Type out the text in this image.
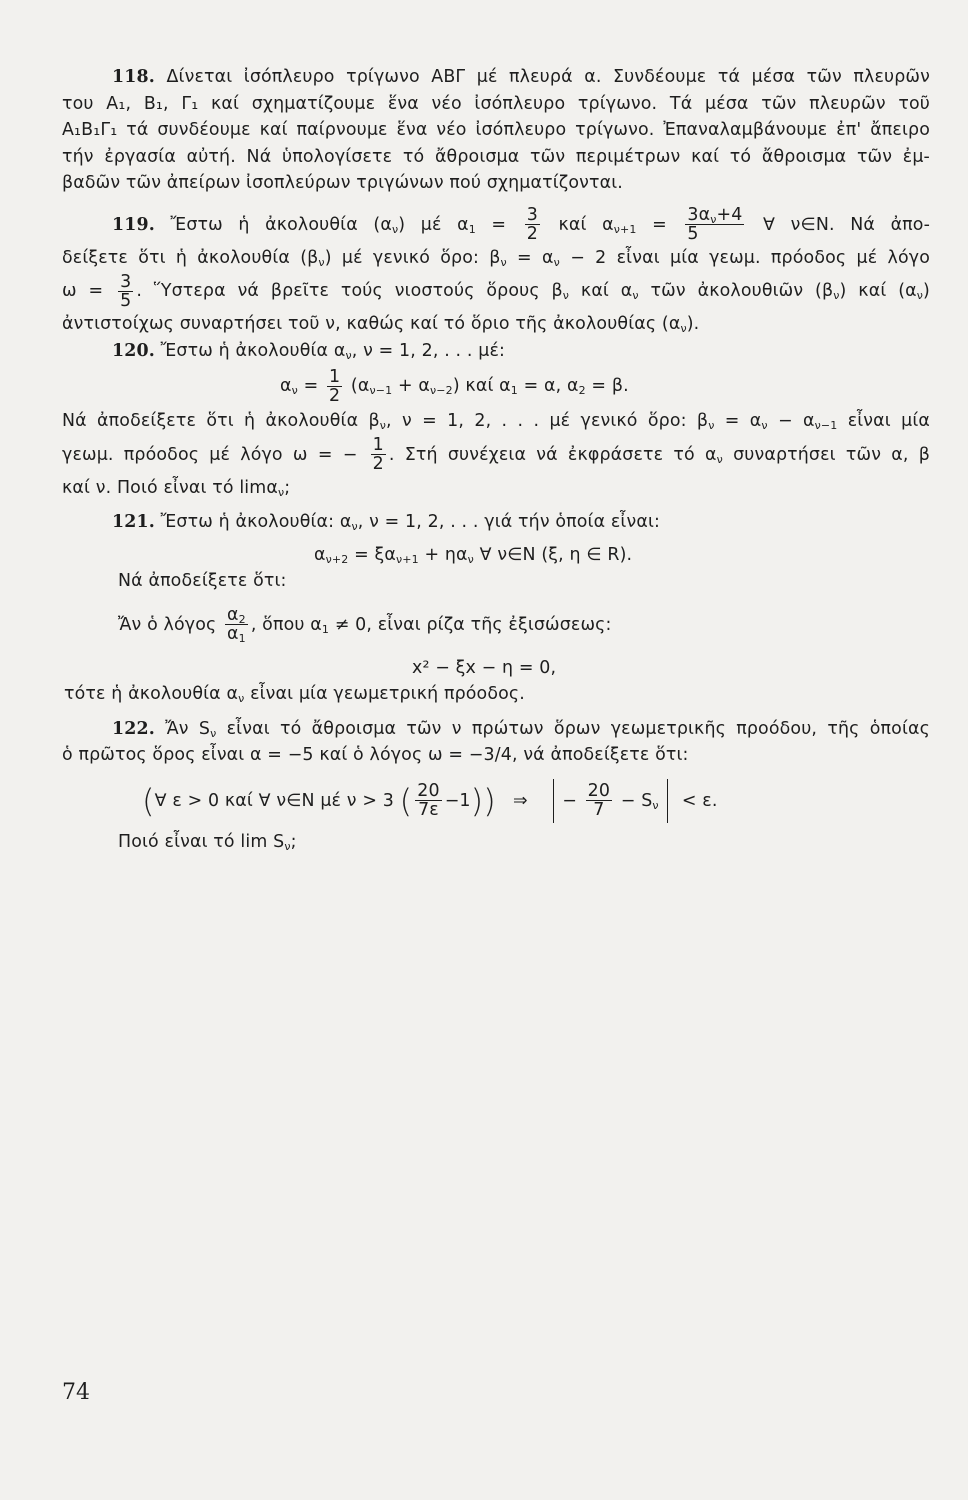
118. Δίνεται ἰσόπλευρο τρίγωνο ΑΒΓ μέ πλευρά α. Συνδέουμε τά μέσα τῶν πλευρῶν

του Α₁, Β₁, Γ₁ καί σχηματίζουμε ἕνα νέο ἰσόπλευρο τρίγωνο. Τά μέσα τῶν πλευρῶν τοῦ

Α₁Β₁Γ₁ τά συνδέουμε καί παίρνουμε ἕνα νέο ἰσόπλευρο τρίγωνο. Ἐπαναλαμβάνουμε ἐπ' ἄπειρο

τήν ἐργασία αὐτή. Νά ὑπολογίσετε τό ἄθροισμα τῶν περιμέτρων καί τό ἄθροισμα τῶν ἐμ-

βαδῶν τῶν ἀπείρων ἰσοπλεύρων τριγώνων πού σχηματίζονται.

119. Ἔστω ἡ ἀκολουθία $(\alpha_\nu)$ μέ $\alpha_1 = \frac{3}{2}$ καί $\alpha_{\nu+1} = \frac{3\alpha_\nu+4}{5}$ ∀ ν∈N. Νά ἀπο-

δείξετε ὅτι ἡ ἀκολουθία $(\beta_\nu)$ μέ γενικό ὅρο: $\beta_\nu = \alpha_\nu - 2$ εἶναι μία γεωμ. πρόοδος μέ λόγο

$\omega = \frac{3}{5}$ . Ὕστερα νά βρεῖτε τούς νιοστούς ὅρους $\beta_\nu$ καί $\alpha_\nu$ τῶν ἀκολουθιῶν $(\beta_\nu)$ καί $(\alpha_\nu)$

ἀντιστοίχως συναρτήσει τοῦ ν, καθώς καί τό ὅριο τῆς ἀκολουθίας $(\alpha_\nu)$.

120. Ἔστω ἡ ἀκολουθία $\alpha_\nu$, ν = 1, 2, . . . μέ:

$\alpha_\nu = \frac{1}{2} (\alpha_{\nu-1} + \alpha_{\nu-2})$ καί $\alpha_1 = \alpha$, $\alpha_2 = \beta$.

Νά ἀποδείξετε ὅτι ἡ ἀκολουθία $\beta_\nu$, ν = 1, 2, . . . μέ γενικό ὅρο: $\beta_\nu = \alpha_\nu - \alpha_{\nu-1}$ εἶναι μία

γεωμ. πρόοδος μέ λόγο ω = − $\frac{1}{2}$ . Στή συνέχεια νά ἐκφράσετε τό $\alpha_\nu$ συναρτήσει τῶν α, β

καί ν. Ποιό εἶναι τό limα$_\nu$;

121. Ἔστω ἡ ἀκολουθία: $\alpha_\nu$, ν = 1, 2, . . . γιά τήν ὁποία εἶναι:

$\alpha_{\nu+2} = \xi\alpha_{\nu+1} + \eta\alpha_\nu$ ∀ ν∈N (ξ, η ∈ R).

Νά ἀποδείξετε ὅτι:

Ἄν ὁ λόγος $\frac{\alpha_2}{\alpha_1}$ , ὅπου $\alpha_1 \ne 0$, εἶναι ρίζα τῆς ἐξισώσεως:

x² − ξx − η = 0,

τότε ἡ ἀκολουθία $\alpha_\nu$ εἶναι μία γεωμετρική πρόοδος.

122. Ἄν $S_\nu$ εἶναι τό ἄθροισμα τῶν ν πρώτων ὅρων γεωμετρικῆς προόδου, τῆς ὁποίας

ὁ πρῶτος ὅρος εἶναι α = −5 καί ὁ λόγος ω = −3/4, νά ἀποδείξετε ὅτι:

(∀ ε > 0 καί ∀ ν∈N μέ ν > 3 ( $\frac{20}{7\varepsilon} -1$)) ⇒ − $\frac{20}{7} - S_\nu < \varepsilon$.

Ποιό εἶναι τό $\lim S_\nu$;

74
